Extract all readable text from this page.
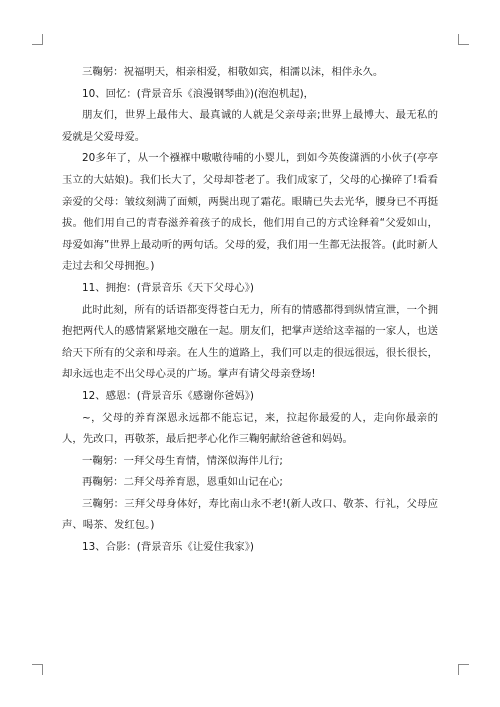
三鞠躬：祝福明天，相亲相爱，相敬如宾，相濡以沫，相伴永久。

10、回忆：(背景音乐《浪漫钢琴曲》)(泡泡机起)，

朋友们，世界上最伟大、最真诚的人就是父亲母亲;世界上最博大、最无私的爱就是父爱母爱。

20多年了，从一个襁褓中嗷嗷待哺的小婴儿，到如今英俊潇洒的小伙子(亭亭玉立的大姑娘)。我们长大了，父母却苍老了。我们成家了，父母的心操碎了!看看亲爱的父母：皱纹刻满了面颊，两鬓出现了霜花。眼睛已失去光华，腰身已不再挺拔。他们用自己的青春滋养着孩子的成长，他们用自己的方式诠释着“父爱如山，母爱如海”世界上最动听的两句话。父母的爱，我们用一生都无法报答。(此时新人走过去和父母拥抱。)

11、拥抱：(背景音乐《天下父母心》)

此时此刻，所有的话语都变得苍白无力，所有的情感都得到纵情宣泄，一个拥抱把两代人的感情紧紧地交融在一起。朋友们，把掌声送给这幸福的一家人，也送给天下所有的父亲和母亲。在人生的道路上，我们可以走的很远很远，很长很长，却永远也走不出父母心灵的广场。掌声有请父母亲登场!

12、感恩：(背景音乐《感谢你爸妈》)

~，父母的养育深恩永远都不能忘记，来，拉起你最爱的人，走向你最亲的人，先改口，再敬茶，最后把孝心化作三鞠躬献给爸爸和妈妈。

一鞠躬：一拜父母生育情，情深似海伴儿行;

再鞠躬：二拜父母养育恩，恩重如山记在心;

三鞠躬：三拜父母身体好，寿比南山永不老!(新人改口、敬茶、行礼，父母应声、喝茶、发红包。)

13、合影：(背景音乐《让爱住我家》)
